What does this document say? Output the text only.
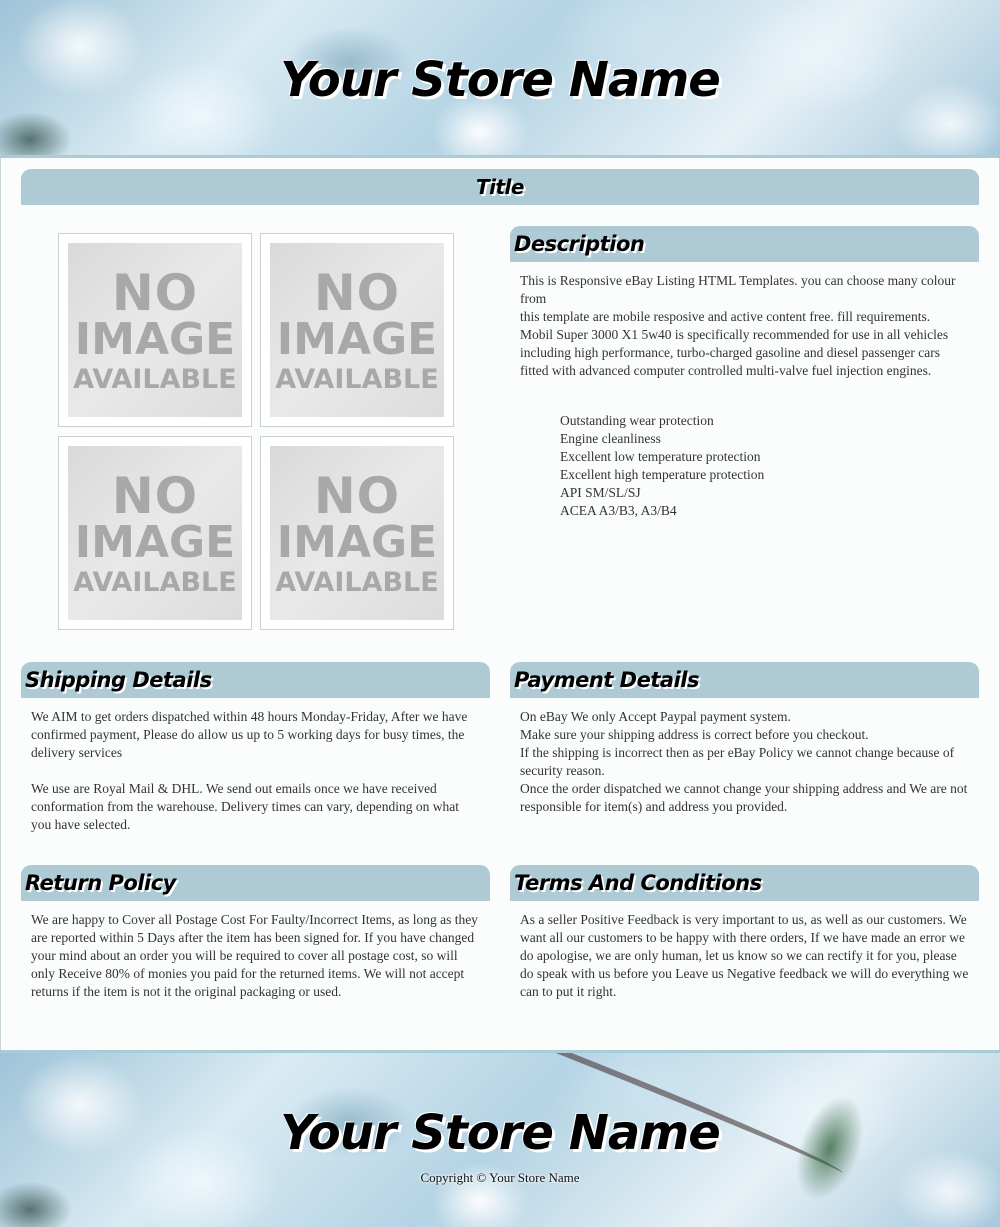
Your Store Name
Title
NO
IMAGE
AVAILABLE
NO
IMAGE
AVAILABLE
NO
IMAGE
AVAILABLE
NO
IMAGE
AVAILABLE
Description

This is Responsive eBay Listing HTML Templates. you can choose many colour from

this template are mobile resposive and active content free. fill requirements.

Mobil Super 3000 X1 5w40 is specifically recommended for use in all vehicles including high performance, turbo-charged gasoline and diesel passenger cars fitted with advanced computer controlled multi-valve fuel injection engines.

Outstanding wear protection
Engine cleanliness
Excellent low temperature protection
Excellent high temperature protection
API SM/SL/SJ
ACEA A3/B3, A3/B4
Shipping Details

We AIM to get orders dispatched within 48 hours Monday-Friday, After we have confirmed payment, Please do allow us up to 5 working days for busy times, the delivery services

We use are Royal Mail & DHL. We send out emails once we have received conformation from the warehouse. Delivery times can vary, depending on what you have selected.

Payment Details

On eBay We only Accept Paypal payment system.

Make sure your shipping address is correct before you checkout.

If the shipping is incorrect then as per eBay Policy we cannot change because of security reason.

Once the order dispatched we cannot change your shipping address and We are not responsible for item(s) and address you provided.

Return Policy

We are happy to Cover all Postage Cost For Faulty/Incorrect Items, as long as they are reported within 5 Days after the item has been signed for. If you have changed your mind about an order you will be required to cover all postage cost, so will only Receive 80% of monies you paid for the returned items. We will not accept returns if the item is not it the original packaging or used.

Terms And Conditions

As a seller Positive Feedback is very important to us, as well as our customers. We want all our customers to be happy with there orders, If we have made an error we do apologise, we are only human, let us know so we can rectify it for you, please do speak with us before you Leave us Negative feedback we will do everything we can to put it right.

Your Store Name
Copyright © Your Store Name
